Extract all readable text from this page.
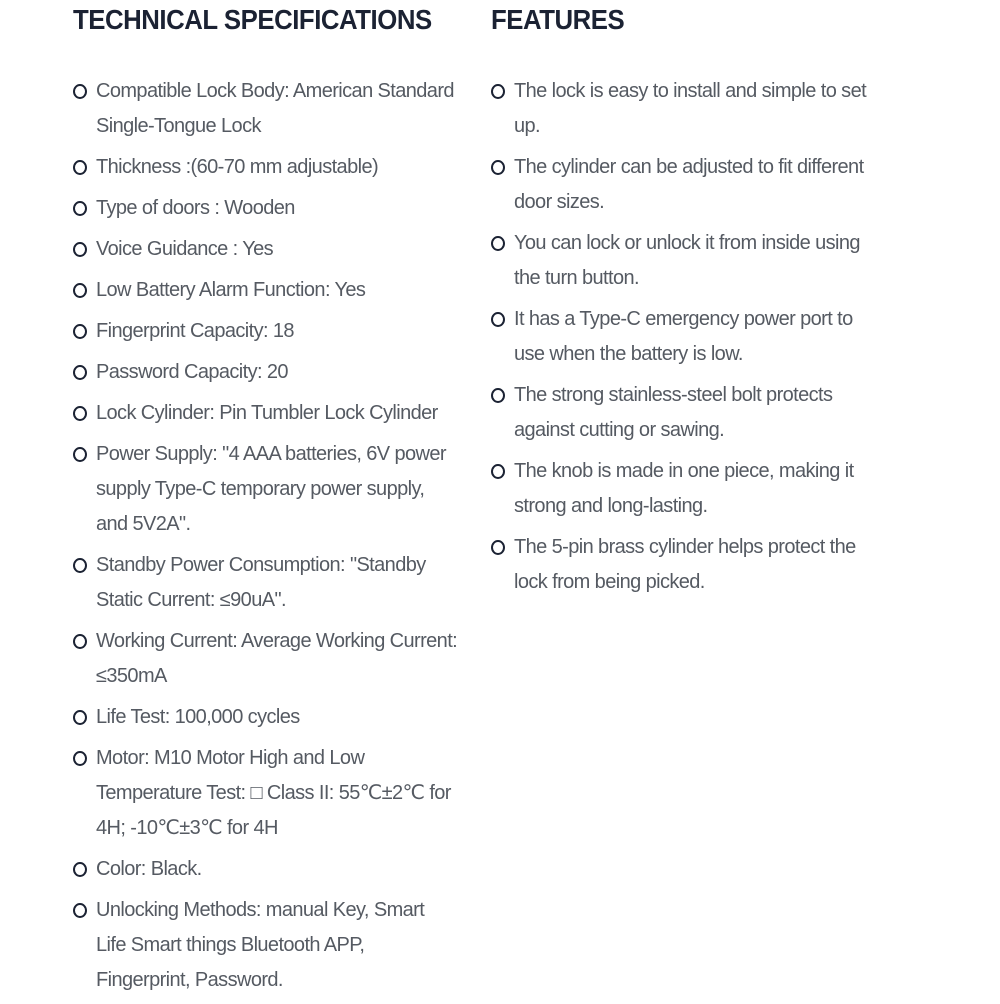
TECHNICAL SPECIFICATIONS
Compatible Lock Body: American Standard Single-Tongue Lock
Thickness :(60-70 mm adjustable)
Type of doors : Wooden
Voice Guidance : Yes
Low Battery Alarm Function: Yes
Fingerprint Capacity: 18
Password Capacity: 20
Lock Cylinder: Pin Tumbler Lock Cylinder
Power Supply: "4 AAA batteries, 6V power supply Type-C temporary power supply, and 5V2A".
Standby Power Consumption: "Standby Static Current: ≤90uA".
Working Current: Average Working Current: ≤350mA
Life Test: 100,000 cycles
Motor: M10 Motor High and Low Temperature Test: □ Class II: 55℃±2℃ for 4H; -10℃±3℃ for 4H
Color: Black.
Unlocking Methods: manual Key, Smart Life Smart things Bluetooth APP, Fingerprint, Password.
FEATURES
The lock is easy to install and simple to set up.
The cylinder can be adjusted to fit different door sizes.
You can lock or unlock it from inside using the turn button.
It has a Type-C emergency power port to use when the battery is low.
The strong stainless-steel bolt protects against cutting or sawing.
The knob is made in one piece, making it strong and long-lasting.
The 5-pin brass cylinder helps protect the lock from being picked.
